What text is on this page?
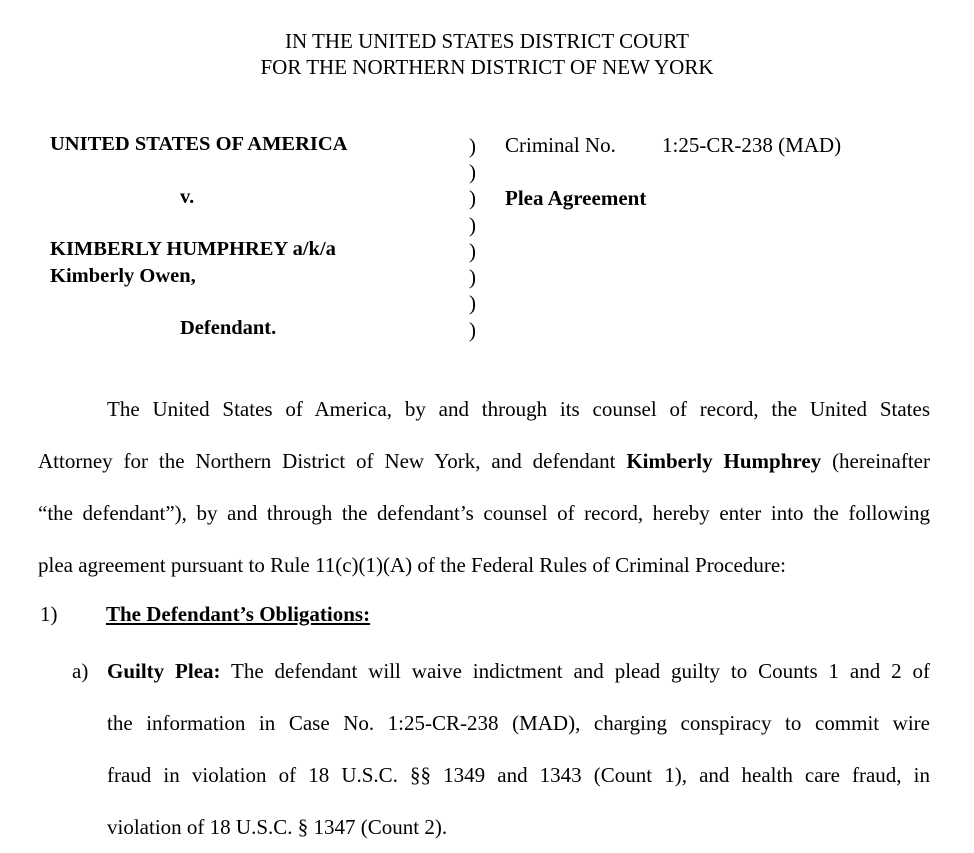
IN THE UNITED STATES DISTRICT COURT
FOR THE NORTHERN DISTRICT OF NEW YORK
UNITED STATES OF AMERICA
v.
KIMBERLY HUMPHREY a/k/a
Kimberly Owen,
Defendant.
)
)
)
)
)
)
)
)
Criminal No. 1:25-CR-238 (MAD)
Plea Agreement
The United States of America, by and through its counsel of record, the United States
Attorney for the Northern District of New York, and defendant Kimberly Humphrey (hereinafter
“the defendant”), by and through the defendant’s counsel of record, hereby enter into the following
plea agreement pursuant to Rule 11(c)(1)(A) of the Federal Rules of Criminal Procedure:
1) The Defendant’s Obligations:
a) Guilty Plea: The defendant will waive indictment and plead guilty to Counts 1 and 2 of
the information in Case No. 1:25-CR-238 (MAD), charging conspiracy to commit wire
fraud in violation of 18 U.S.C. §§ 1349 and 1343 (Count 1), and health care fraud, in
violation of 18 U.S.C. § 1347 (Count 2).
